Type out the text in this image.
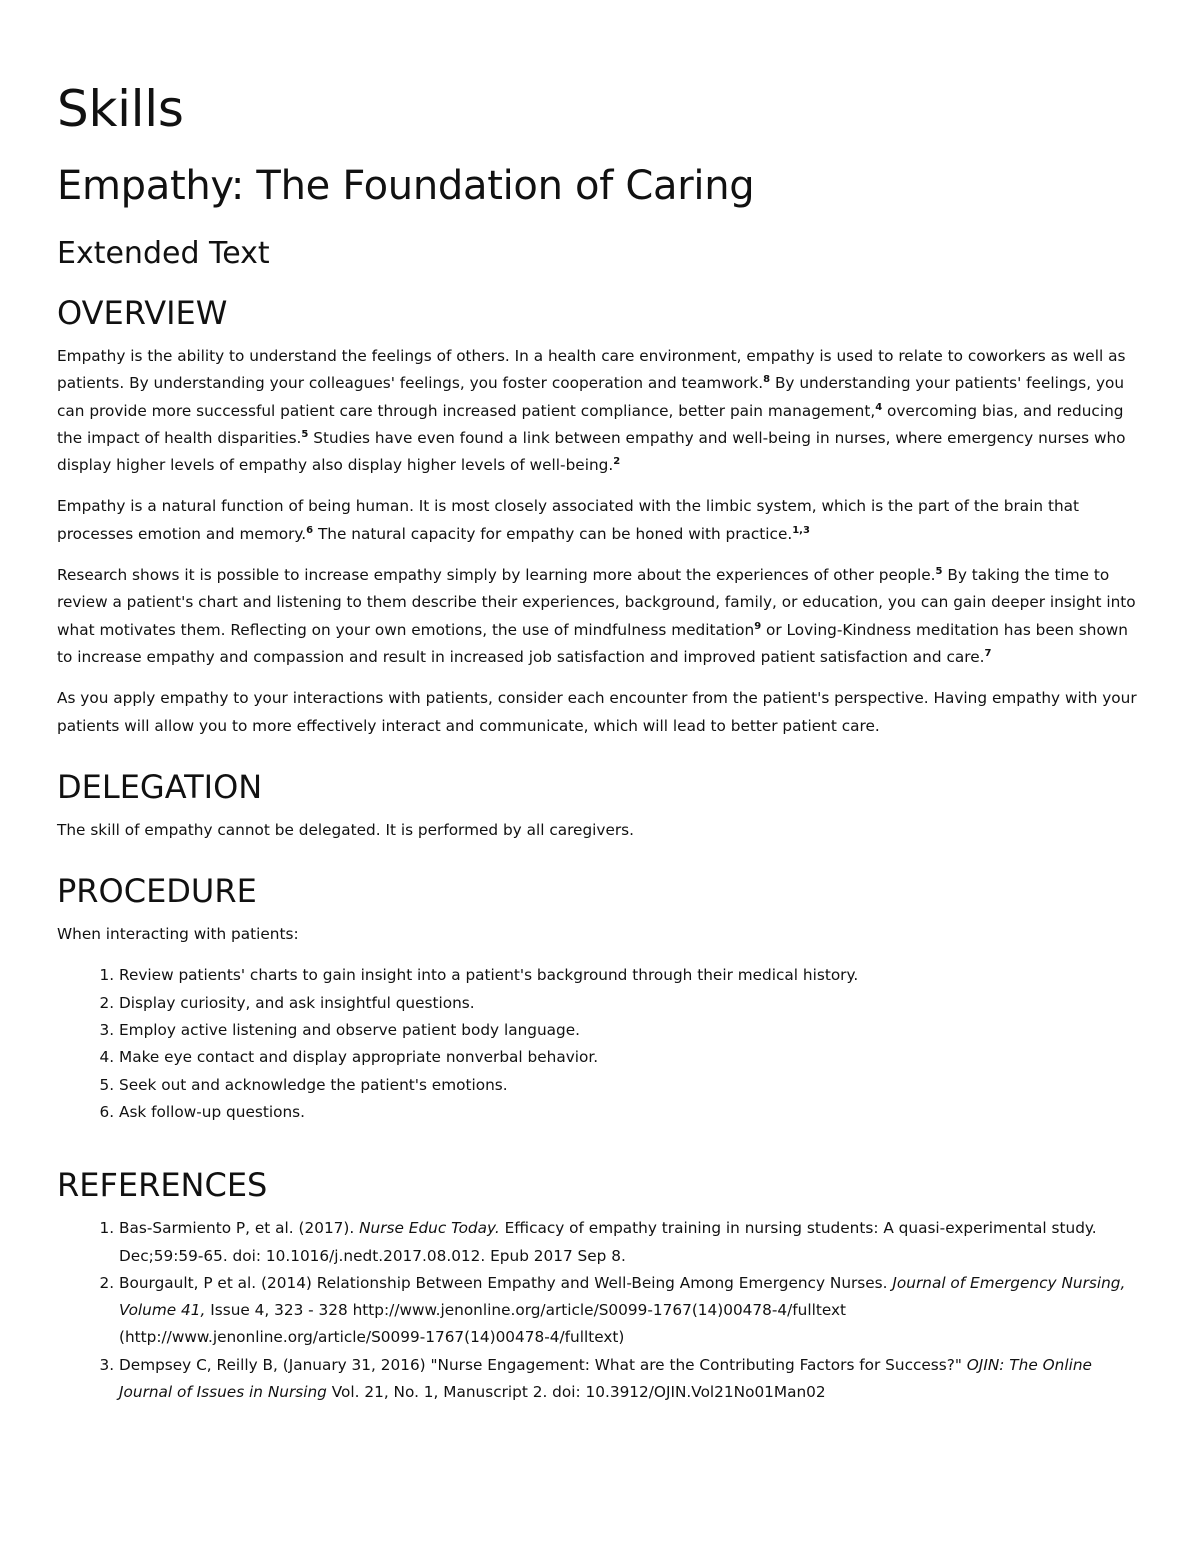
Skills
Empathy: The Foundation of Caring
Extended Text
OVERVIEW

Empathy is the ability to understand the feelings of others. In a health care environment, empathy is used to relate to coworkers as well as patients. By understanding your colleagues' feelings, you foster cooperation and teamwork.$^8$ By understanding your patients' feelings, you can provide more successful patient care through increased patient compliance, better pain management,$^4$ overcoming bias, and reducing the impact of health disparities.$^5$ Studies have even found a link between empathy and well-being in nurses, where emergency nurses who display higher levels of empathy also display higher levels of well-being.$^2$

Empathy is a natural function of being human. It is most closely associated with the limbic system, which is the part of the brain that processes emotion and memory.$^6$ The natural capacity for empathy can be honed with practice.$^{1,3}$

Research shows it is possible to increase empathy simply by learning more about the experiences of other people.$^5$ By taking the time to review a patient's chart and listening to them describe their experiences, background, family, or education, you can gain deeper insight into what motivates them. Reflecting on your own emotions, the use of mindfulness meditation$^9$ or Loving-Kindness meditation has been shown to increase empathy and compassion and result in increased job satisfaction and improved patient satisfaction and care.$^7$

As you apply empathy to your interactions with patients, consider each encounter from the patient's perspective. Having empathy with your patients will allow you to more effectively interact and communicate, which will lead to better patient care.

DELEGATION

The skill of empathy cannot be delegated. It is performed by all caregivers.

PROCEDURE

When interacting with patients:

1. Review patients' charts to gain insight into a patient's background through their medical history.
2. Display curiosity, and ask insightful questions.
3. Employ active listening and observe patient body language.
4. Make eye contact and display appropriate nonverbal behavior.
5. Seek out and acknowledge the patient's emotions.
6. Ask follow-up questions.
REFERENCES
1. Bas-Sarmiento P, et al. (2017). Nurse Educ Today. Efficacy of empathy training in nursing students: A quasi-experimental study. Dec;59:59-65. doi: 10.1016/j.nedt.2017.08.012. Epub 2017 Sep 8.
2. Bourgault, P et al. (2014) Relationship Between Empathy and Well-Being Among Emergency Nurses. Journal of Emergency Nursing, Volume 41, Issue 4, 323 - 328 http://www.jenonline.org/article/S0099-1767(14)00478-4/fulltext (http://www.jenonline.org/article/S0099-1767(14)00478-4/fulltext)
3. Dempsey C, Reilly B, (January 31, 2016) "Nurse Engagement: What are the Contributing Factors for Success?" OJIN: The Online Journal of Issues in Nursing Vol. 21, No. 1, Manuscript 2. doi: 10.3912/OJIN.Vol21No01Man02
